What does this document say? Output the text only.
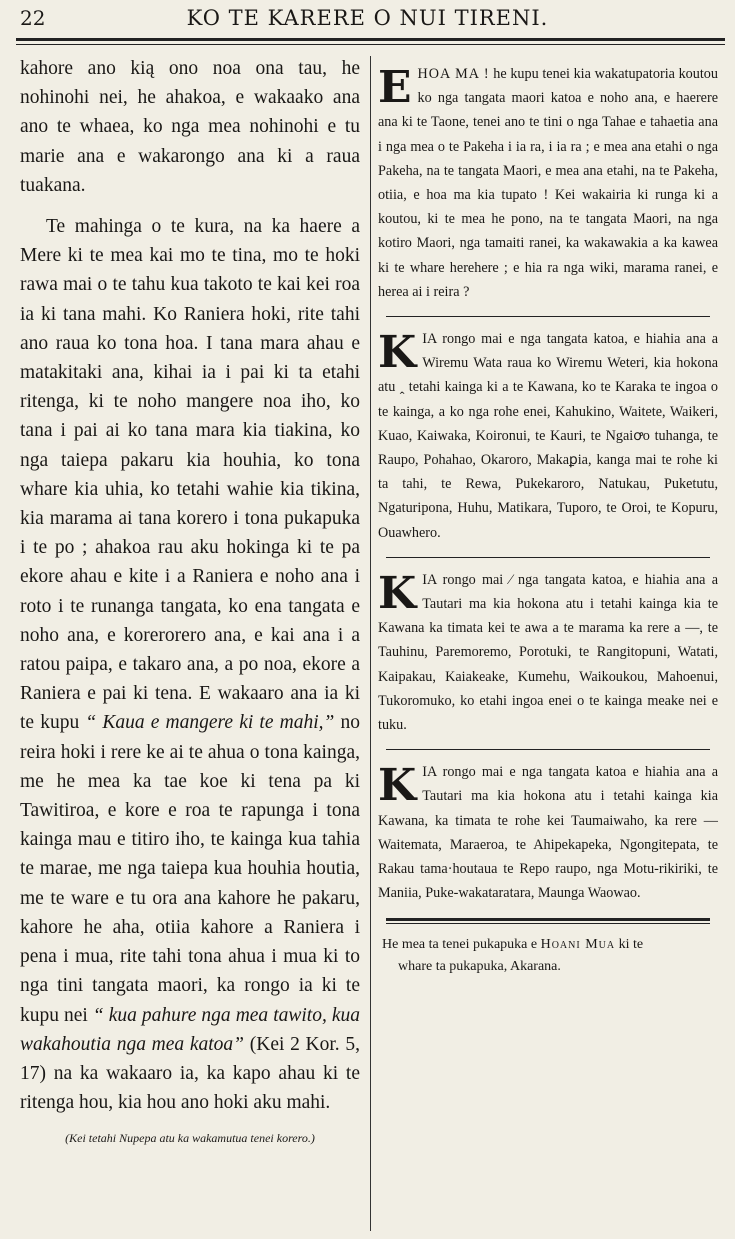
22	KO TE KARERE O NUI TIRENI.

kahore ano kią ono noa ona tau, he nohinohi nei, he ahakoa, e wakaako ana ano te whaea, ko nga mea nohinohi e tu marie ana e wakarongo ana ki a raua tuakana.

Te mahinga o te kura, na ka haere a Mere ki te mea kai mo te tina, mo te hoki rawa mai o te tahu kua takoto te kai kei roa ia ki tana mahi. Ko Raniera hoki, rite tahi ano raua ko tona hoa. I tana mara ahau e matakitaki ana, kihai ia i pai ki ta etahi ritenga, ki te noho mangere noa iho, ko tana i pai ai ko tana mara kia tiakina, ko nga taiepa pakaru kia houhia, ko tona whare kia uhia, ko tetahi wahie kia tikina, kia marama ai tana korero i tona pukapuka i te po ; ahakoa rau aku hokinga ki te pa ekore ahau e kite i a Raniera e noho ana i roto i te runanga tangata, ko ena tangata e noho ana, e korerorero ana, e kai ana i a ratou paipa, e takaro ana, a po noa, ekore a Raniera e pai ki tena. E wakaaro ana ia ki te kupu “ Kaua e mangere ki te mahi,” no reira hoki i rere ke ai te ahua o tona kainga, me he mea ka tae koe ki tena pa ki Tawitiroa, e kore e roa te rapunga i tona kainga mau e titiro iho, te kainga kua tahia te marae, me nga taiepa kua houhia houtia, me te ware e tu ora ana kahore he pakaru, kahore he aha, otiia kahore a Raniera i pena i mua, rite tahi tona ahua i mua ki to nga tini tangata maori, ka rongo ia ki te kupu nei “ kua pahure nga mea tawito, kua wakahoutia nga mea katoa” (Kei 2 Kor. 5, 17) na ka wakaaro ia, ka kapo ahau ki te ritenga hou, kia hou ano hoki aku mahi.

(Kei tetahi Nupepa atu ka wakamutua tenei korero.)
E HOA MA ! he kupu tenei kia wakatupatoria koutou ko nga tangata maori katoa e noho ana, e haerere ana ki te Taone, tenei ano te tini o nga Tahae e tahaetia ana i nga mea o te Pakeha i ia ra, i ia ra ; e mea ana etahi o nga Pakeha, na te tangata Maori, e mea ana etahi, na te Pakeha, otiia, e hoa ma kia tupato ! Kei wakairia ki runga ki a koutou, ki te mea he pono, na te tangata Maori, na nga kotiro Maori, nga tamaiti ranei, ka wakawakia a ka kawea ki te whare herehere ; e hia ra nga wiki, marama ranei, e herea ai i reira ?

K IA rongo mai e nga tangata katoa, e hiahia ana a Wiremu Wata raua ko Wiremu Weteri, kia hokona atu ꞈ tetahi kainga ki a te Kawana, ko te Karaka te ingoa o te kainga, a ko nga rohe enei, Kahukino, Waitete, Waikeri, Kuao, Kaiwaka, Koironui, te Kauri, te Ngaiꝍo tuhanga, te Raupo, Pohahao, Okaroro, Makaꝑia, kanga mai te rohe ki ta tahi, te Rewa, Pukekaroro, Natukau, Puketutu, Ngaturipona, Huhu, Matikara, Tuporo, te Oroi, te Kopuru, Ouawhero.

K IA rongo mai ⁄ nga tangata katoa, e hiahia ana a Tautari ma kia hokona atu i tetahi kainga kia te Kawana ka timata kei te awa a te marama ka rere a —, te Tauhinu, Paremoremo, Porotuki, te Rangitopuni, Watati, Kaipakau, Kaiakeake, Kumehu, Waikoukou, Mahoenui, Tukoromuko, ko etahi ingoa enei o te kainga meake nei e tuku.

K IA rongo mai e nga tangata katoa e hiahia ana a Tautari ma kia hokona atu i tetahi kainga kia Kawana, ka timata te rohe kei Taumaiwaho, ka rere — Waitemata, Maraeroa, te Ahipekapeka, Ngongitepata, te Rakau tama·houtaua te Repo raupo, nga Motu-rikiriki, te Maniia, Puke-wakataratara, Maunga Waowao.

He mea ta tenei pukapuka e Hoani Mua ki te
whare ta pukapuka, Akarana.
